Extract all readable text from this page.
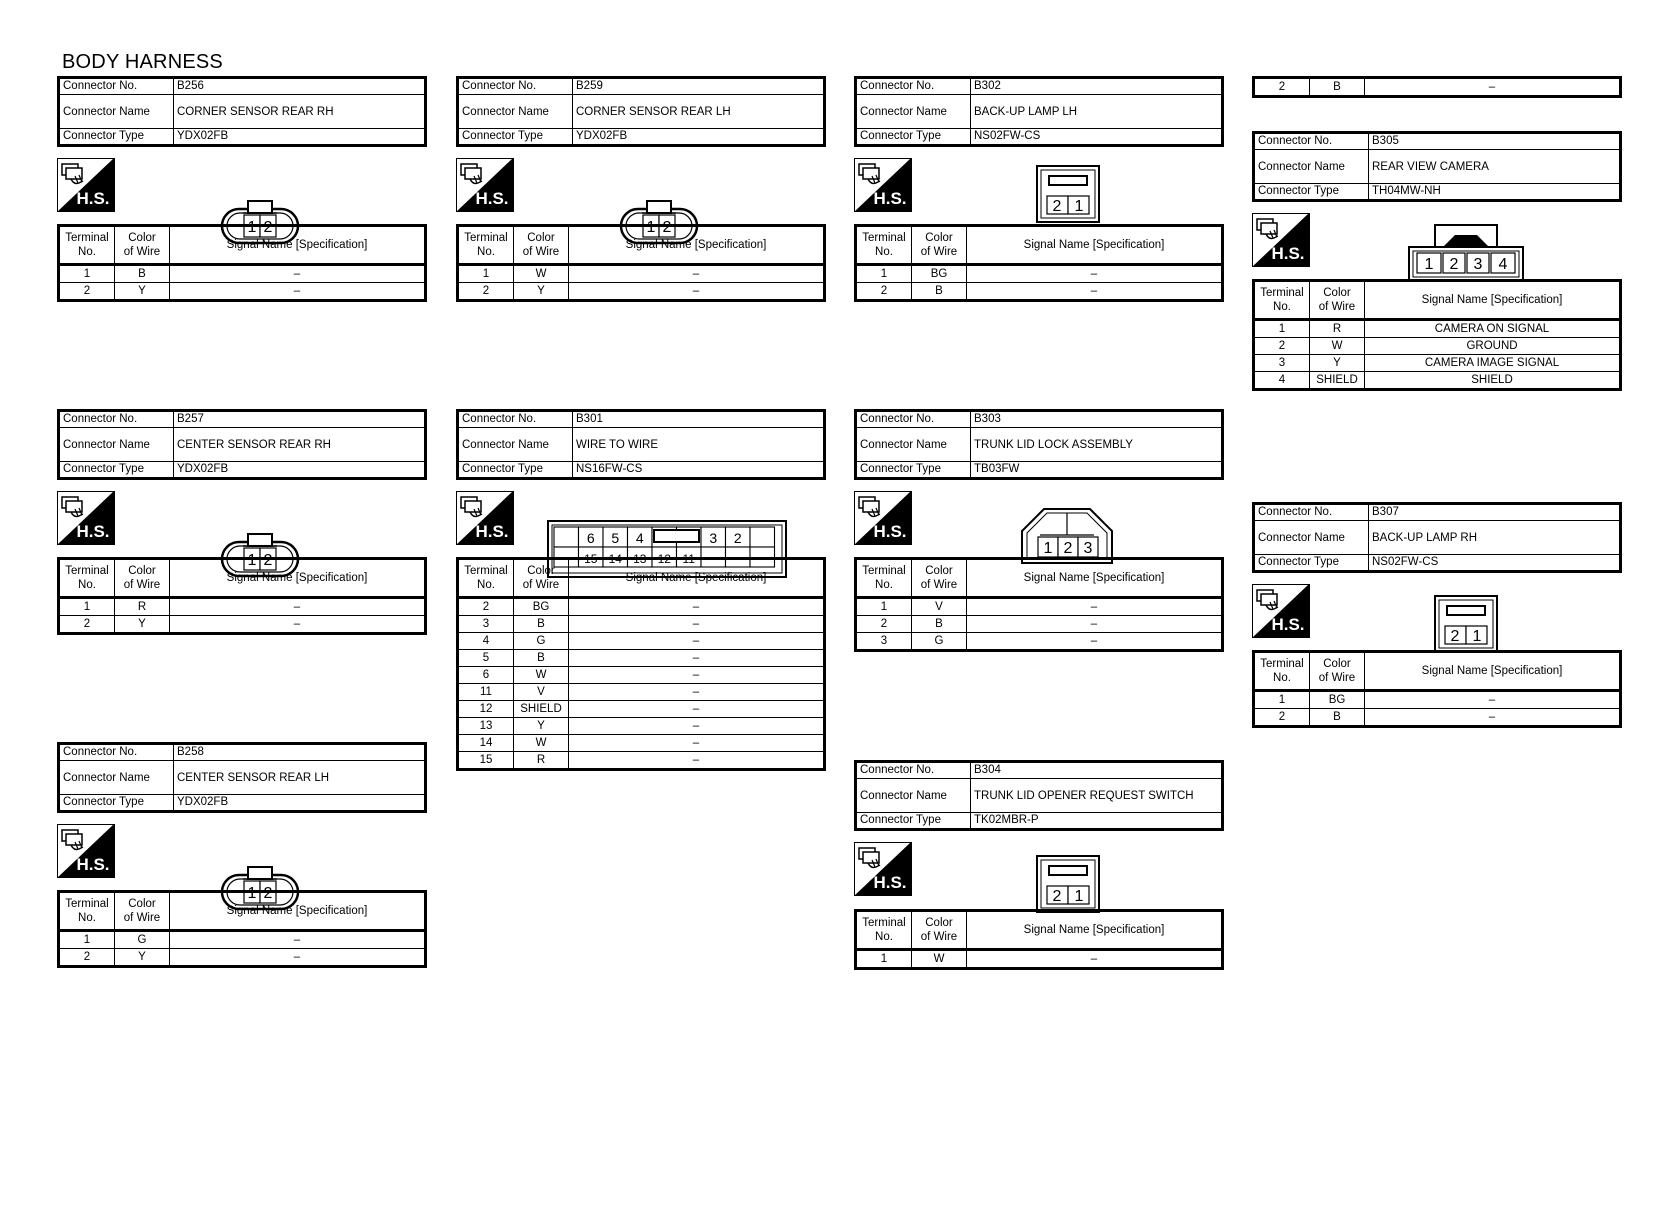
BODY HARNESS
Connector No.	B256
Connector Name	CORNER SENSOR REAR RH
Connector Type	YDX02FB
H.S.
1 2
Terminal
No.	Color
of Wire	Signal Name [Specification]
1	B	–
2	Y	–
Connector No.	B257
Connector Name	CENTER SENSOR REAR RH
Connector Type	YDX02FB
H.S.
1 2
Terminal
No.	Color
of Wire	Signal Name [Specification]
1	R	–
2	Y	–
Connector No.	B258
Connector Name	CENTER SENSOR REAR LH
Connector Type	YDX02FB
H.S.
1 2
Terminal
No.	Color
of Wire	Signal Name [Specification]
1	G	–
2	Y	–
Connector No.	B259
Connector Name	CORNER SENSOR REAR LH
Connector Type	YDX02FB
H.S.
1 2
Terminal
No.	Color
of Wire	Signal Name [Specification]
1	W	–
2	Y	–
Connector No.	B301
Connector Name	WIRE TO WIRE
Connector Type	NS16FW-CS
H.S.	6 5 4	3 2
15 14 13 12 11
Terminal
No.	Color
of Wire	Signal Name [Specification]
2	BG	–
3	B	–
4	G	–
5	B	–
6	W	–
11	V	–
12	SHIELD	–
13	Y	–
14	W	–
15	R	–
Connector No.	B302
Connector Name	BACK-UP LAMP LH
Connector Type	NS02FW-CS
H.S.	2 1
Terminal
No.	Color
of Wire	Signal Name [Specification]
1	BG	–
2	B	–
Connector No.	B303
Connector Name	TRUNK LID LOCK ASSEMBLY
Connector Type	TB03FW
H.S.
1 2 3
Terminal
No.	Color
of Wire	Signal Name [Specification]
1	V	–
2	B	–
3	G	–
Connector No.	B304
Connector Name	TRUNK LID OPENER REQUEST SWITCH
Connector Type	TK02MBR-P
H.S.
2 1
Terminal
No.	Color
of Wire	Signal Name [Specification]
1	W	–
2	B	–
Connector No.	B305
Connector Name	REAR VIEW CAMERA
Connector Type	TH04MW-NH
H.S.
1 2 3 4
Terminal
No.	Color
of Wire	Signal Name [Specification]
1	R	CAMERA ON SIGNAL
2	W	GROUND
3	Y	CAMERA IMAGE SIGNAL
4	SHIELD	SHIELD
Connector No.	B307
Connector Name	BACK-UP LAMP RH
Connector Type	NS02FW-CS
H.S.
2 1
Terminal
No.	Color
of Wire	Signal Name [Specification]
1	BG	–
2	B	–
